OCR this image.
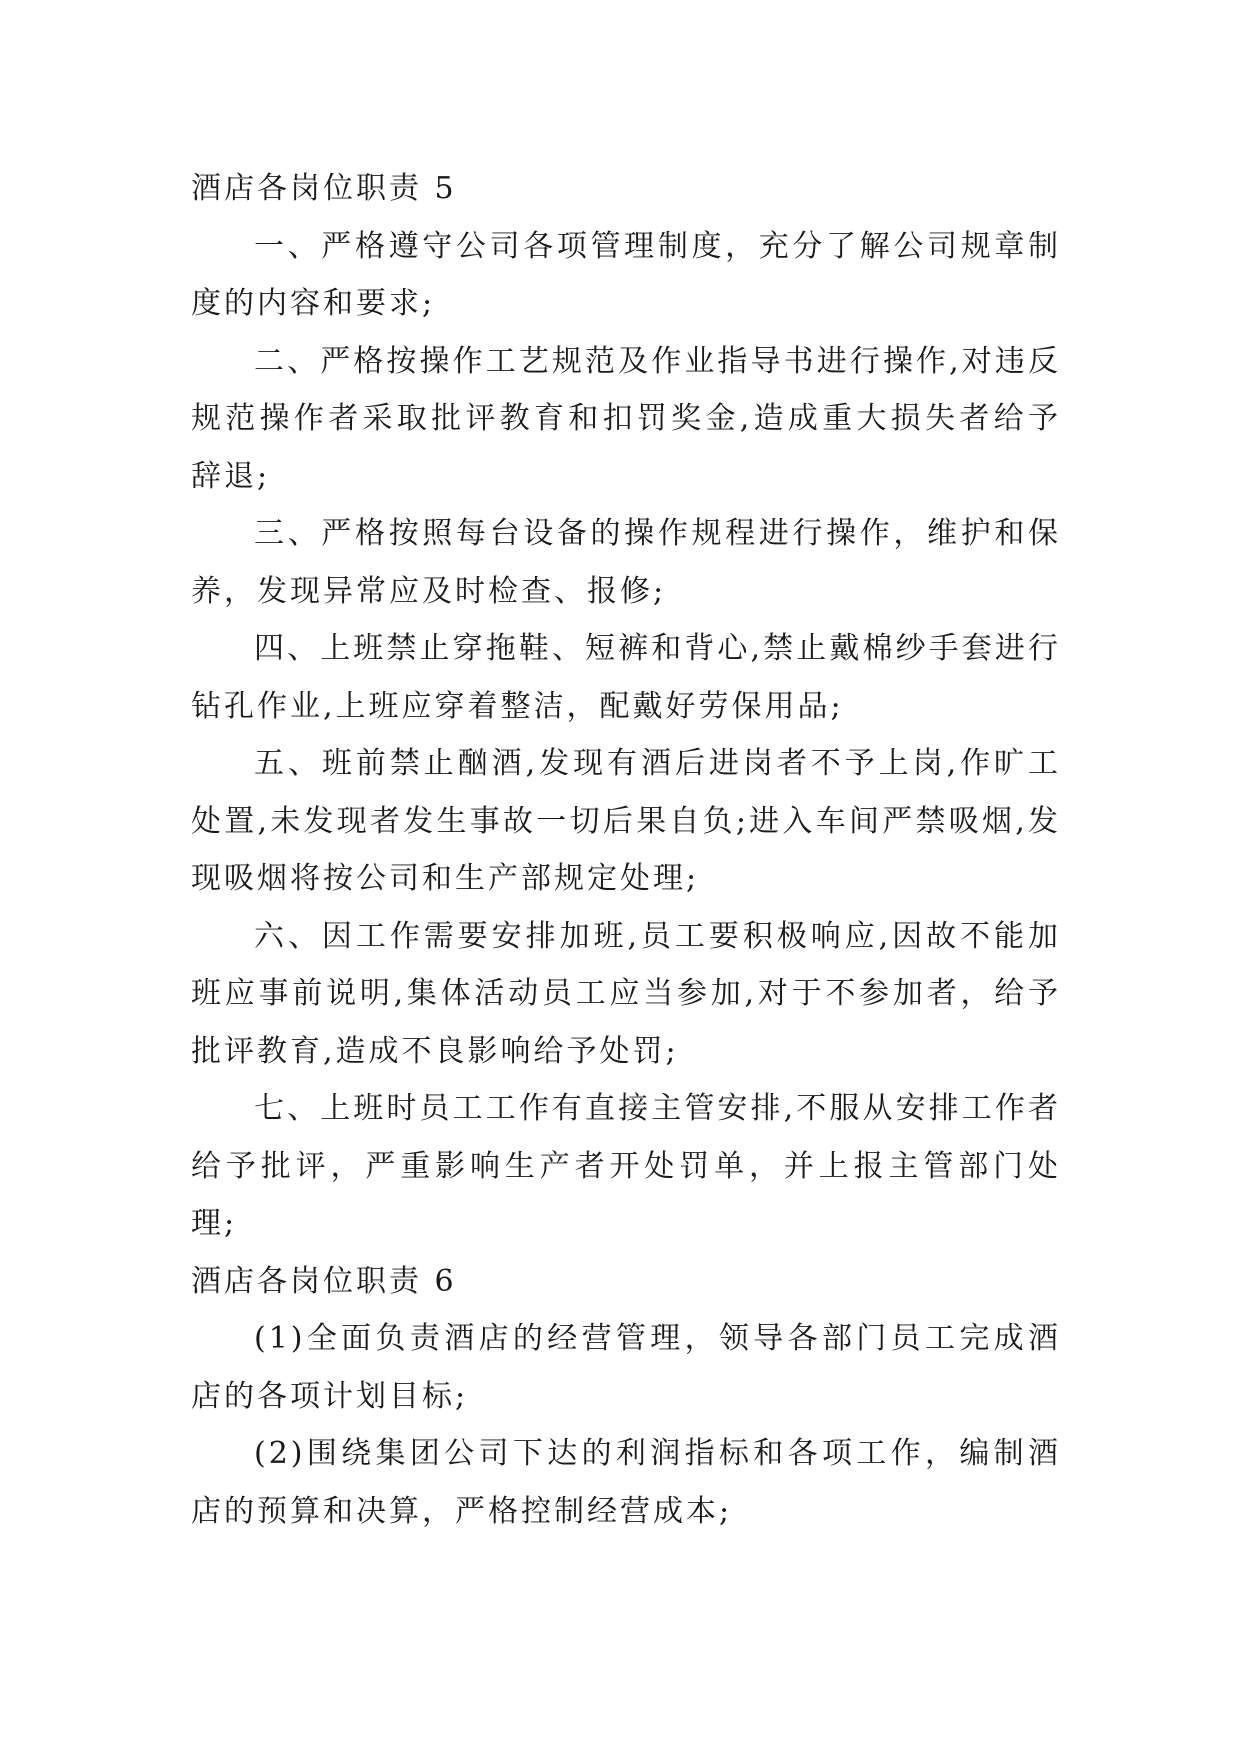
酒店各岗位职责 5

一、严格遵守公司各项管理制度，充分了解公司规章制度的内容和要求;

二、严格按操作工艺规范及作业指导书进行操作,对违反规范操作者采取批评教育和扣罚奖金,造成重大损失者给予辞退;

三、严格按照每台设备的操作规程进行操作，维护和保养，发现异常应及时检查、报修;

四、上班禁止穿拖鞋、短裤和背心,禁止戴棉纱手套进行钻孔作业,上班应穿着整洁，配戴好劳保用品;

五、班前禁止酗酒,发现有酒后进岗者不予上岗,作旷工处置,未发现者发生事故一切后果自负;进入车间严禁吸烟,发现吸烟将按公司和生产部规定处理;

六、因工作需要安排加班,员工要积极响应,因故不能加班应事前说明,集体活动员工应当参加,对于不参加者，给予批评教育,造成不良影响给予处罚;

七、上班时员工工作有直接主管安排,不服从安排工作者给予批评，严重影响生产者开处罚单，并上报主管部门处理;

酒店各岗位职责 6

(1)全面负责酒店的经营管理，领导各部门员工完成酒店的各项计划目标;

(2)围绕集团公司下达的利润指标和各项工作，编制酒店的预算和决算，严格控制经营成本;
